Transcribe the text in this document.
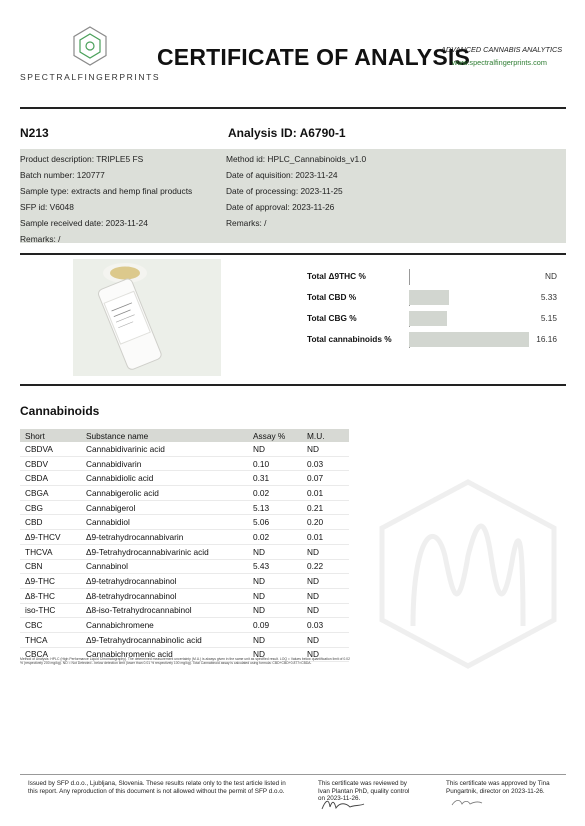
SPECTRALFINGERPRINTS
CERTIFICATE OF ANALYSIS
ADVANCED CANNABIS ANALYTICS
www.spectralfingerprints.com
N213	Analysis ID: A6790-1
Product description: TRIPLE5 FS
Batch number: 120777
Sample type: extracts and hemp final products
SFP id: V6048
Sample received date: 2023-11-24
Remarks: /
Method id: HPLC_Cannabinoids_v1.0
Date of aquisition: 2023-11-24
Date of processing: 2023-11-25
Date of approval: 2023-11-26
Remarks: /
Total Δ9THC %	ND
Total CBD %	5.33
Total CBG %	5.15
Total cannabinoids %	16.16
Cannabinoids
Short	Substance name	Assay %	M.U.
CBDVA	Cannabidivarinic acid	ND	ND
CBDV	Cannabidivarin	0.10	0.03
CBDA	Cannabidiolic acid	0.31	0.07
CBGA	Cannabigerolic acid	0.02	0.01
CBG	Cannabigerol	5.13	0.21
CBD	Cannabidiol	5.06	0.20
Δ9-THCV	Δ9-tetrahydrocannabivarin	0.02	0.01
THCVA	Δ9-Tetrahydrocannabivarinic acid	ND	ND
CBN	Cannabinol	5.43	0.22
Δ9-THC	Δ9-tetrahydrocannabinol	ND	ND
Δ8-THC	Δ8-tetrahydrocannabinol	ND	ND
iso-THC	Δ8-iso-Tetrahydrocannabinol	ND	ND
CBC	Cannabichromene	0.09	0.03
THCA	Δ9-Tetrahydrocannabinolic acid	ND	ND
CBCA	Cannabichromenic acid	ND	ND
Method of Analysis: HPLC (High Performance Liquid Chromatography). The determined measurement uncertainty (M.U.) is always given in the same unit as specified result. LOQ = Values below quantification limit of 0.02 % (respectively 200 mg/kg). ND = Not Detected - below detection limit (lower than 0.01 % respectively 100 mg/kg). Total Cannabinoid assay is calculated using formula: CBD+CBD+0.877×CBDA.
Issued by SFP d.o.o., Ljubljana, Slovenia. These results relate only to the test article listed in this report. Any reproduction of this document is not allowed without the permit of SFP d.o.o.
This certificate was reviewed by Ivan Plantan PhD, quality control on 2023-11-26.
This certificate was approved by Tina Pungartnik, director on 2023-11-26.
